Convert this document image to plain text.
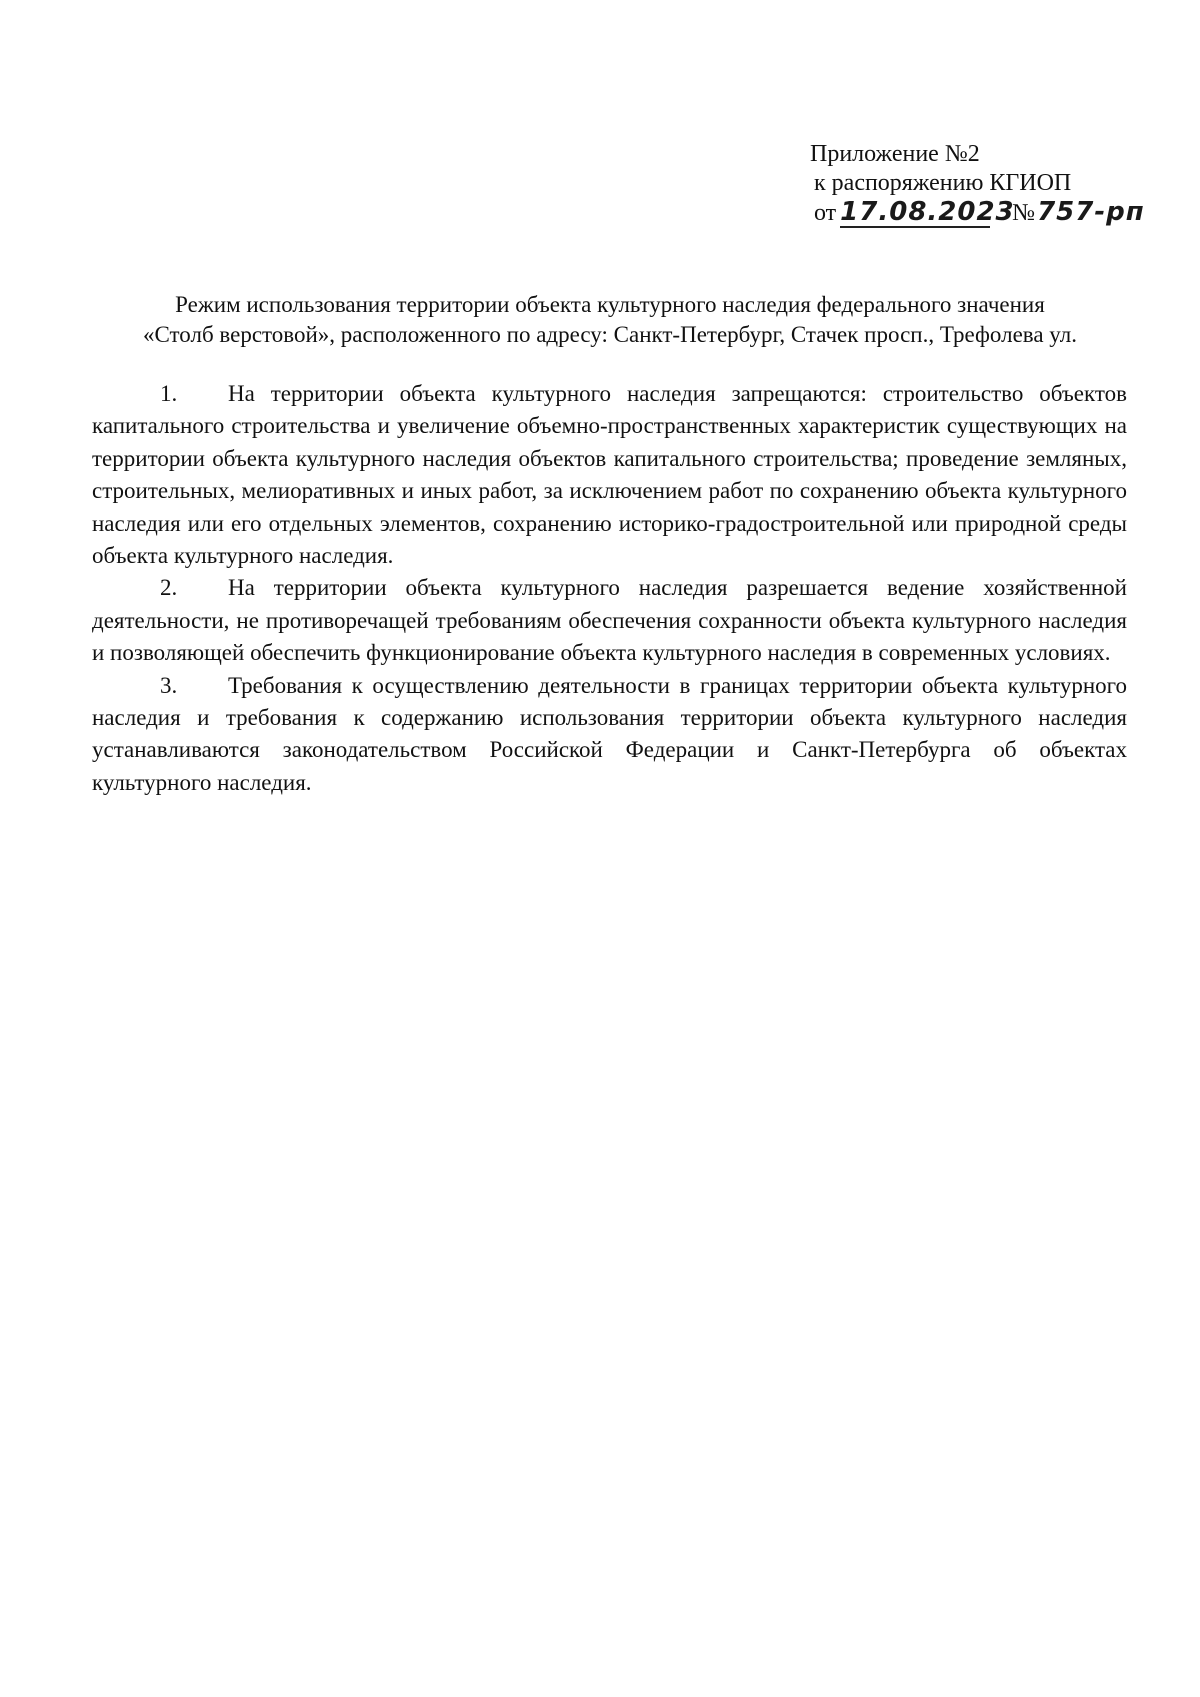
Приложение №2
к распоряжению КГИОП
от 17.08.2023
№ 757-рп
Режим использования территории объекта культурного наследия федерального значения
«Столб верстовой», расположенного по адресу: Санкт-Петербург, Стачек просп., Трефолева ул.

1. На территории объекта культурного наследия запрещаются: строительство объектов капитального строительства и увеличение объемно-пространственных характеристик существующих на территории объекта культурного наследия объектов капитального строительства; проведение земляных, строительных, мелиоративных и иных работ, за исключением работ по сохранению объекта культурного наследия или его отдельных элементов, сохранению историко-градостроительной или природной среды объекта культурного наследия.

2. На территории объекта культурного наследия разрешается ведение хозяйственной деятельности, не противоречащей требованиям обеспечения сохранности объекта культурного наследия и позволяющей обеспечить функционирование объекта культурного наследия в современных условиях.

3. Требования к осуществлению деятельности в границах территории объекта культурного наследия и требования к содержанию использования территории объекта культурного наследия устанавливаются законодательством Российской Федерации и Санкт-Петербурга об объектах культурного наследия.
